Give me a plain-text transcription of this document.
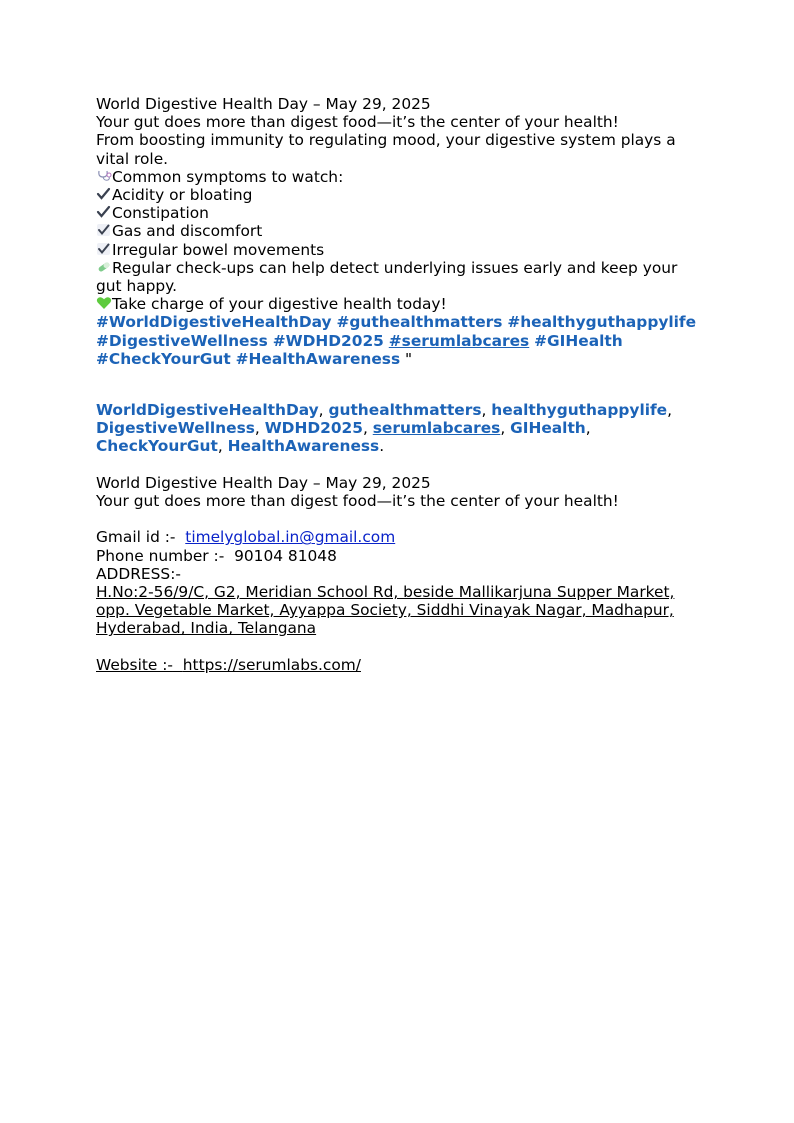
World Digestive Health Day – May 29, 2025
Your gut does more than digest food—it’s the center of your health!
From boosting immunity to regulating mood, your digestive system plays a vital role.
Common symptoms to watch:
Acidity or bloating
Constipation
Gas and discomfort
Irregular bowel movements
Regular check-ups can help detect underlying issues early and keep your gut happy.
Take charge of your digestive health today!
#WorldDigestiveHealthDay #guthealthmatters #healthyguthappylife #DigestiveWellness #WDHD2025 #serumlabcares #GIHealth #CheckYourGut #HealthAwareness "
WorldDigestiveHealthDay, guthealthmatters, healthyguthappylife, DigestiveWellness, WDHD2025, serumlabcares, GIHealth, CheckYourGut, HealthAwareness.
World Digestive Health Day – May 29, 2025
Your gut does more than digest food—it’s the center of your health!
Gmail id :- timelyglobal.in@gmail.com
Phone number :- 90104 81048
ADDRESS:-
H.No:2-56/9/C, G2, Meridian School Rd, beside Mallikarjuna Supper Market,
opp. Vegetable Market, Ayyappa Society, Siddhi Vinayak Nagar, Madhapur,
Hyderabad, India, Telangana
Website :- https://serumlabs.com/
